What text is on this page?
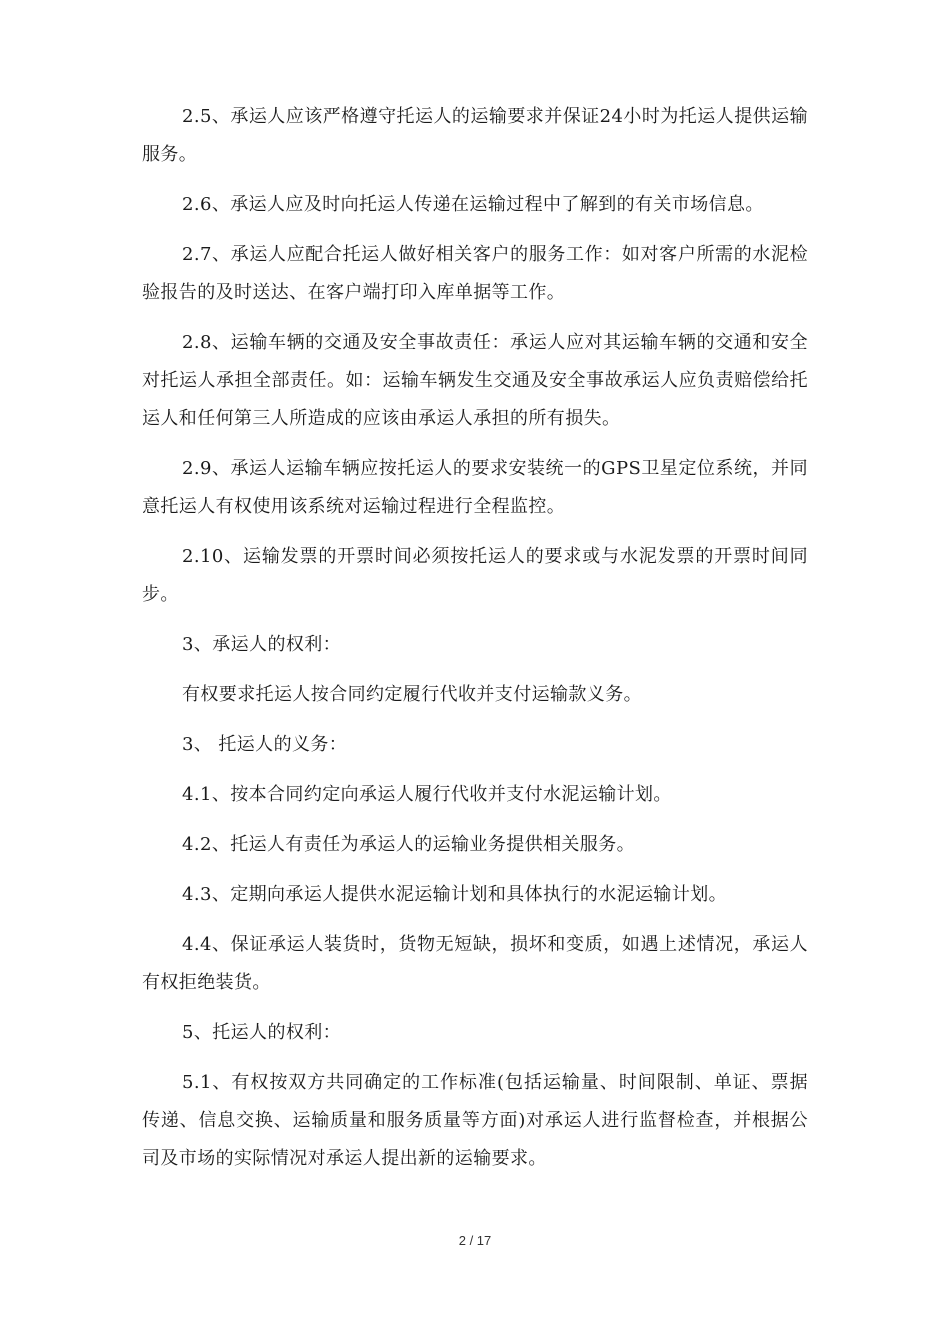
2.5、承运人应该严格遵守托运人的运输要求并保证24小时为托运人提供运输服务。

2.6、承运人应及时向托运人传递在运输过程中了解到的有关市场信息。

2.7、承运人应配合托运人做好相关客户的服务工作：如对客户所需的水泥检验报告的及时送达、在客户端打印入库单据等工作。

2.8、运输车辆的交通及安全事故责任：承运人应对其运输车辆的交通和安全对托运人承担全部责任。如：运输车辆发生交通及安全事故承运人应负责赔偿给托运人和任何第三人所造成的应该由承运人承担的所有损失。

2.9、承运人运输车辆应按托运人的要求安装统一的GPS卫星定位系统，并同意托运人有权使用该系统对运输过程进行全程监控。

2.10、运输发票的开票时间必须按托运人的要求或与水泥发票的开票时间同步。

3、承运人的权利：

有权要求托运人按合同约定履行代收并支付运输款义务。

3、 托运人的义务：

4.1、按本合同约定向承运人履行代收并支付水泥运输计划。

4.2、托运人有责任为承运人的运输业务提供相关服务。

4.3、定期向承运人提供水泥运输计划和具体执行的水泥运输计划。

4.4、保证承运人装货时，货物无短缺，损坏和变质，如遇上述情况，承运人有权拒绝装货。

5、托运人的权利：

5.1、有权按双方共同确定的工作标准(包括运输量、时间限制、单证、票据传递、信息交换、运输质量和服务质量等方面)对承运人进行监督检查，并根据公司及市场的实际情况对承运人提出新的运输要求。

2 / 17
